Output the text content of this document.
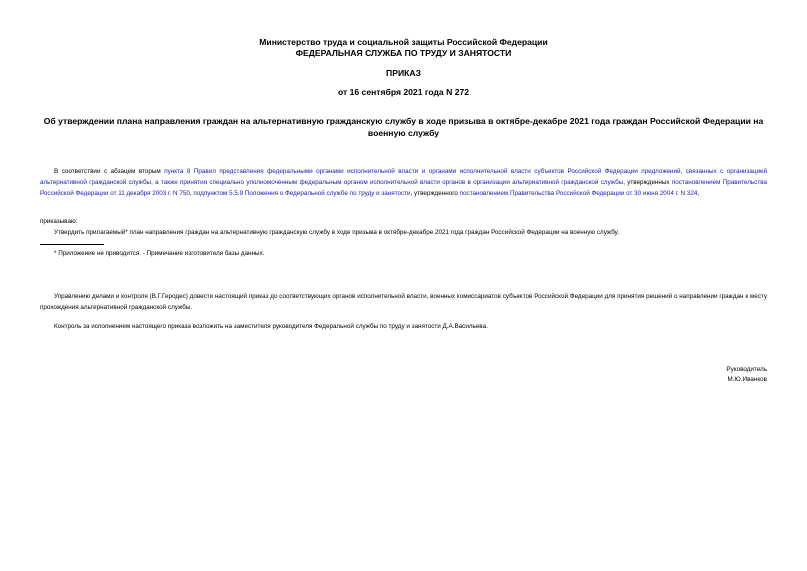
Министерство труда и социальной защиты Российской Федерации
ФЕДЕРАЛЬНАЯ СЛУЖБА ПО ТРУДУ И ЗАНЯТОСТИ
ПРИКАЗ
от 16 сентября 2021 года N 272
Об утверждении плана направления граждан на альтернативную гражданскую службу в ходе призыва в октябре-декабре 2021 года граждан Российской Федерации на военную службу
В соответствии с абзацем вторым пункта 8 Правил представления федеральными органами исполнительной власти и органами исполнительной власти субъектов Российской Федерации предложений, связанных с организацией альтернативной гражданской службы, а также принятия специально уполномоченным федеральным органом исполнительной власти органов в организации альтернативной гражданской службы, утвержденных постановлением Правительства Российской Федерации от 11 декабря 2003 г. N 750, подпунктом 5.5.9 Положения о Федеральной службе по труду и занятости, утвержденного постановлением Правительства Российской Федерации от 30 июня 2004 г. N 324,
приказываю:
Утвердить прилагаемый* план направления граждан на альтернативную гражданскую службу в ходе призыва в октябре-декабре 2021 года граждан Российской Федерации на военную службу.
* Приложение не приводится. - Примечание изготовителя базы данных.
Управлению делами и контроля (В.Г.Геродес) довести настоящий приказ до соответствующих органов исполнительной власти, военных комиссариатов субъектов Российской Федерации для принятия решений о направлении граждан к месту прохождения альтернативной гражданской службы.
Контроль за исполнением настоящего приказа возложить на заместителя руководителя Федеральной службы по труду и занятости Д.А.Васильева.
Руководитель
М.Ю.Иванков
